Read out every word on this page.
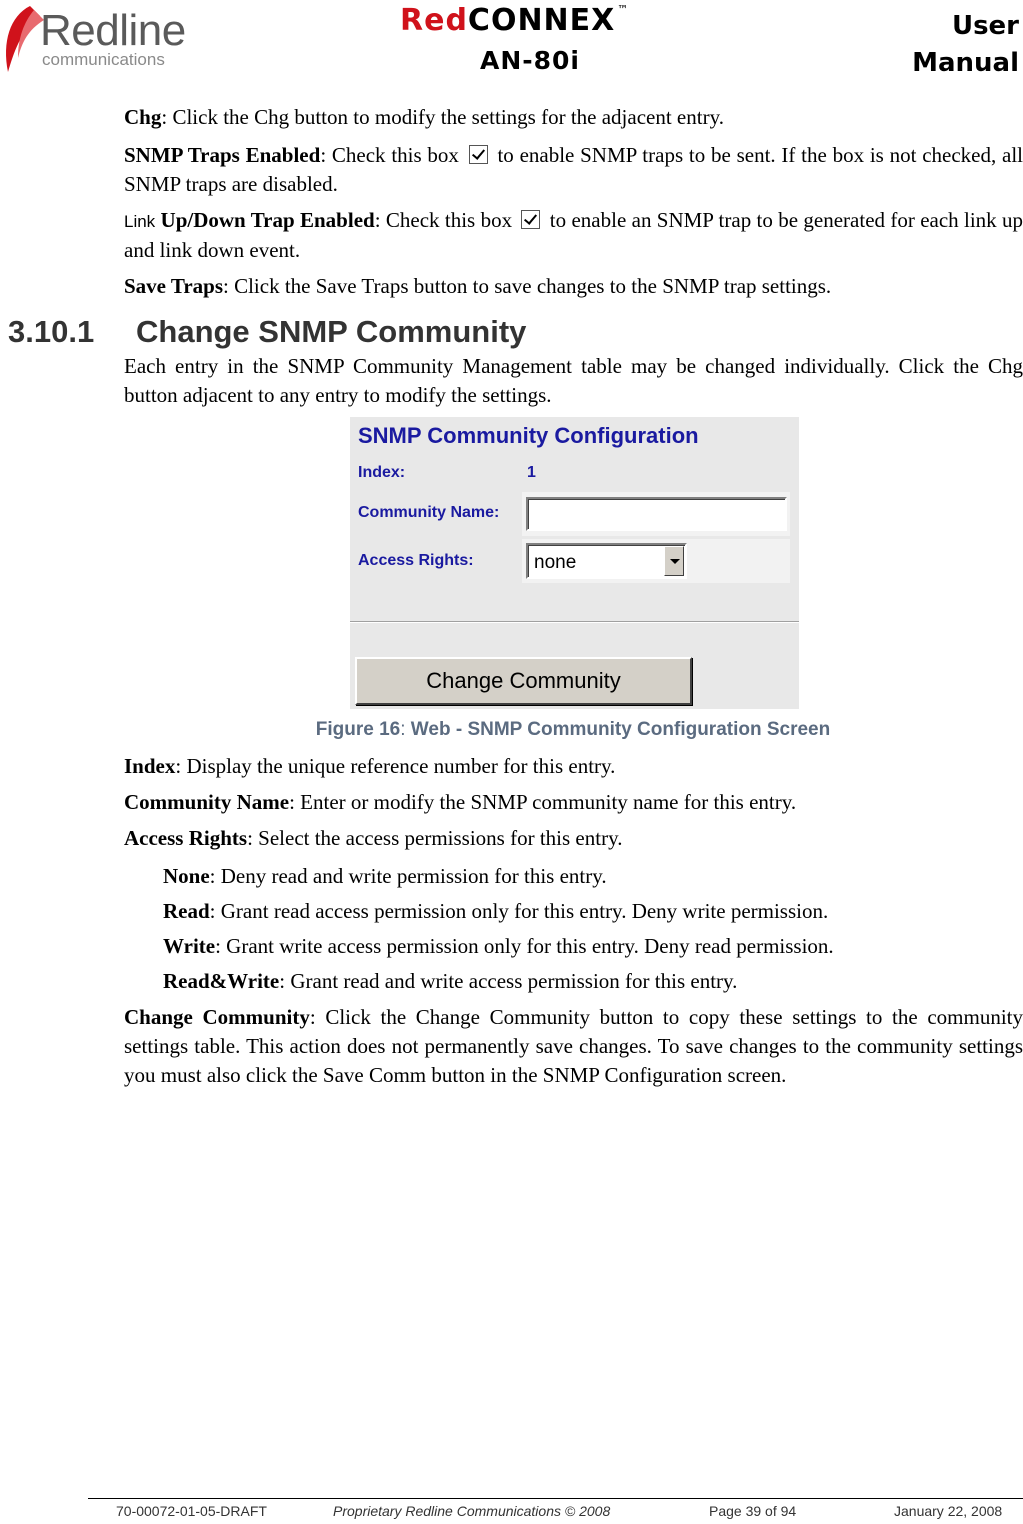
Redline
communications
RedCONNEX ™
AN-80i
User
Manual
Chg: Click the Chg button to modify the settings for the adjacent entry.
SNMP Traps Enabled: Check this box to enable SNMP traps to be sent. If the box is not checked, all SNMP traps are disabled.
Link Up/Down Trap Enabled: Check this box to enable an SNMP trap to be generated for each link up and link down event.
Save Traps: Click the Save Traps button to save changes to the SNMP trap settings.
3.10.1 Change SNMP Community
Each entry in the SNMP Community Management table may be changed individually. Click the Chg button adjacent to any entry to modify the settings.
SNMP Community Configuration
Index:	1
Community Name:
Access Rights:	none
Change Community
Figure 16: Web - SNMP Community Configuration Screen
Index: Display the unique reference number for this entry.
Community Name: Enter or modify the SNMP community name for this entry.
Access Rights: Select the access permissions for this entry.
None: Deny read and write permission for this entry.
Read: Grant read access permission only for this entry. Deny write permission.
Write: Grant write access permission only for this entry. Deny read permission.
Read&Write: Grant read and write access permission for this entry.
Change Community: Click the Change Community button to copy these settings to the community settings table. This action does not permanently save changes. To save changes to the community settings you must also click the Save Comm button in the SNMP Configuration screen.
70-00072-01-05-DRAFT	Proprietary Redline Communications © 2008	Page 39 of 94	January 22, 2008
